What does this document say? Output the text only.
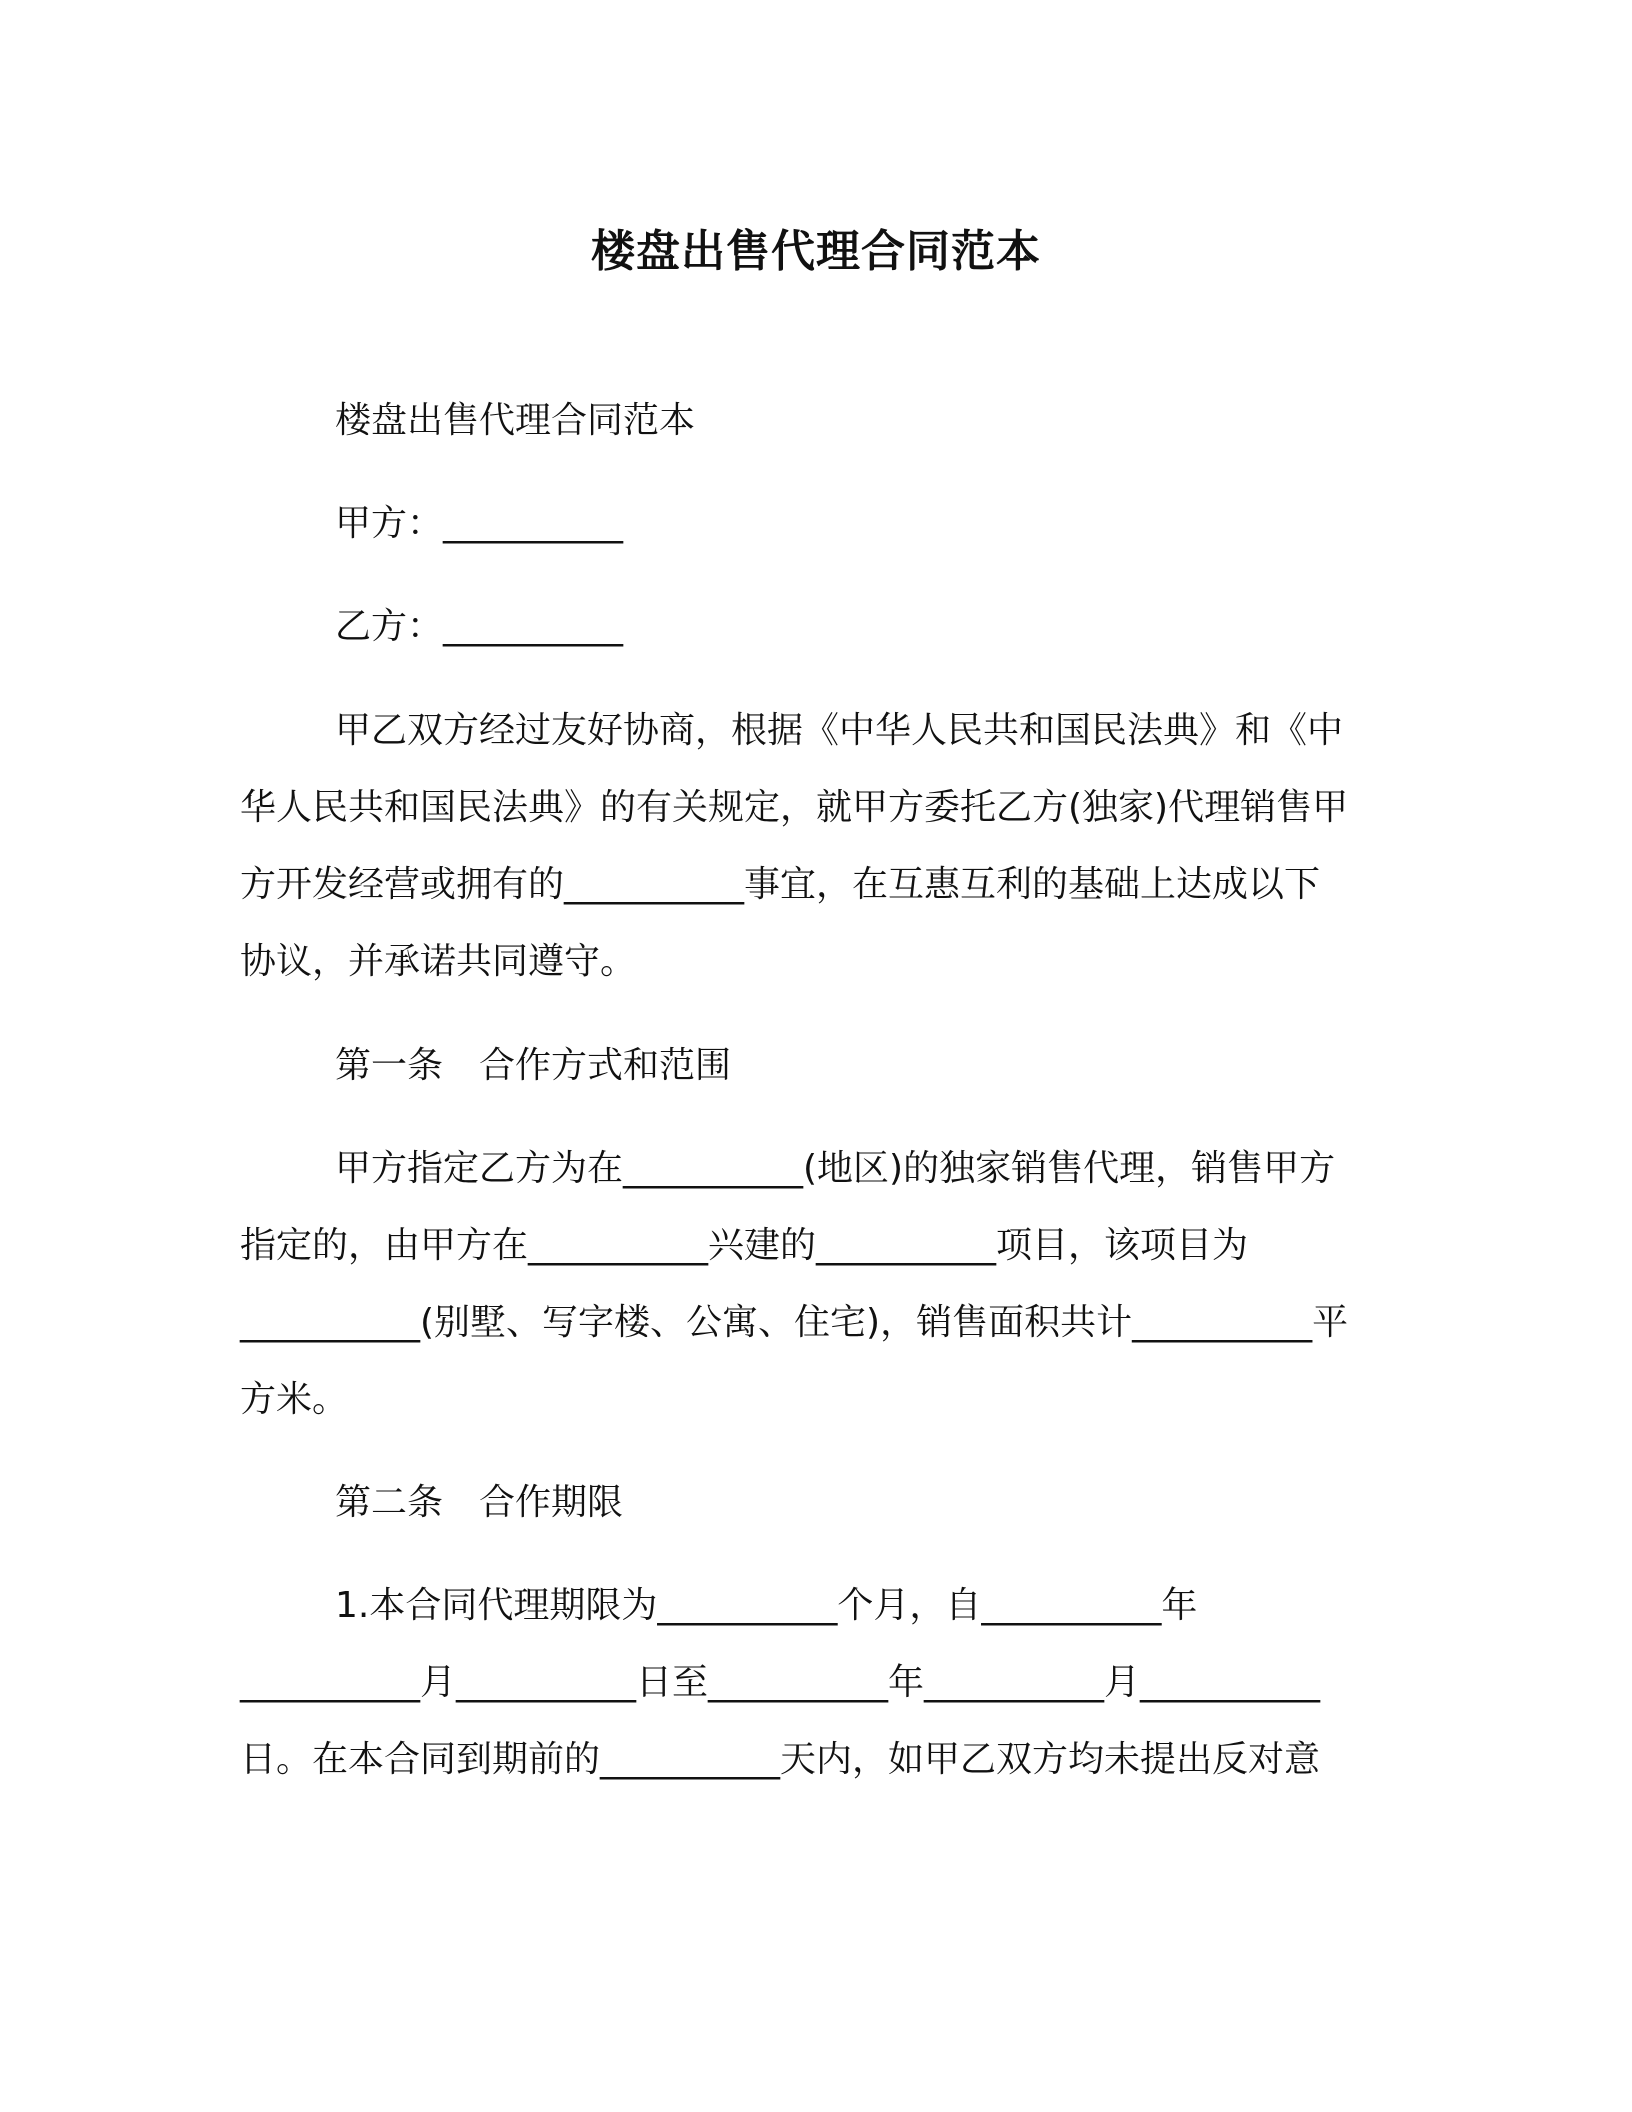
楼盘出售代理合同范本
楼盘出售代理合同范本
甲方：__________
乙方：__________
甲乙双方经过友好协商，根据《中华人民共和国民法典》和《中
华人民共和国民法典》的有关规定，就甲方委托乙方(独家)代理销售甲
方开发经营或拥有的__________事宜，在互惠互利的基础上达成以下
协议，并承诺共同遵守。
第一条　合作方式和范围
甲方指定乙方为在__________(地区)的独家销售代理，销售甲方
指定的，由甲方在__________兴建的__________项目，该项目为
__________(别墅、写字楼、公寓、住宅)，销售面积共计__________平
方米。
第二条　合作期限
1.本合同代理期限为__________个月，自__________年
__________月__________日至__________年__________月__________
日。在本合同到期前的__________天内，如甲乙双方均未提出反对意
